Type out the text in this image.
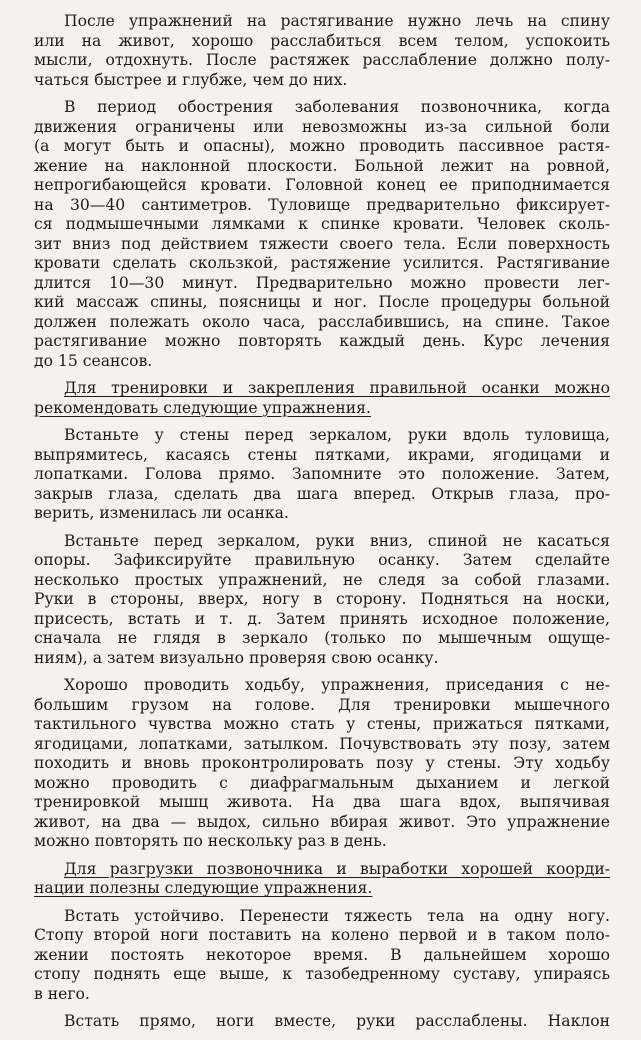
После упражнений на растягивание нужно лечь на спину
или на живот, хорошо расслабиться всем телом, успокоить
мысли, отдохнуть. После растяжек расслабление должно полу-
чаться быстрее и глубже, чем до них.
В период обострения заболевания позвоночника, когда
движения ограничены или невозможны из-за сильной боли
(а могут быть и опасны), можно проводить пассивное растя-
жение на наклонной плоскости. Больной лежит на ровной,
непрогибающейся кровати. Головной конец ее приподнимается
на 30—40 сантиметров. Туловище предварительно фиксирует-
ся подмышечными лямками к спинке кровати. Человек сколь-
зит вниз под действием тяжести своего тела. Если поверхность
кровати сделать скользкой, растяжение усилится. Растягивание
длится 10—30 минут. Предварительно можно провести лег-
кий массаж спины, поясницы и ног. После процедуры больной
должен полежать около часа, расслабившись, на спине. Такое
растягивание можно повторять каждый день. Курс лечения
до 15 сеансов.
Для тренировки и закрепления правильной осанки можно
рекомендовать следующие упражнения.
Встаньте у стены перед зеркалом, руки вдоль туловища,
выпрямитесь, касаясь стены пятками, икрами, ягодицами и
лопатками. Голова прямо. Запомните это положение. Затем,
закрыв глаза, сделать два шага вперед. Открыв глаза, про-
верить, изменилась ли осанка.
Встаньте перед зеркалом, руки вниз, спиной не касаться
опоры. Зафиксируйте правильную осанку. Затем сделайте
несколько простых упражнений, не следя за собой глазами.
Руки в стороны, вверх, ногу в сторону. Подняться на носки,
присесть, встать и т. д. Затем принять исходное положение,
сначала не глядя в зеркало (только по мышечным ощуще-
ниям), а затем визуально проверяя свою осанку.
Хорошо проводить ходьбу, упражнения, приседания с не-
большим грузом на голове. Для тренировки мышечного
тактильного чувства можно стать у стены, прижаться пятками,
ягодицами, лопатками, затылком. Почувствовать эту позу, затем
походить и вновь проконтролировать позу у стены. Эту ходьбу
можно проводить с диафрагмальным дыханием и легкой
тренировкой мышц живота. На два шага вдох, выпячивая
живот, на два — выдох, сильно вбирая живот. Это упражнение
можно повторять по нескольку раз в день.
Для разгрузки позвоночника и выработки хорошей коорди-
нации полезны следующие упражнения.
Встать устойчиво. Перенести тяжесть тела на одну ногу.
Стопу второй ноги поставить на колено первой и в таком поло-
жении постоять некоторое время. В дальнейшем хорошо
стопу поднять еще выше, к тазобедренному суставу, упираясь
в него.
Встать прямо, ноги вместе, руки расслаблены. Наклон
